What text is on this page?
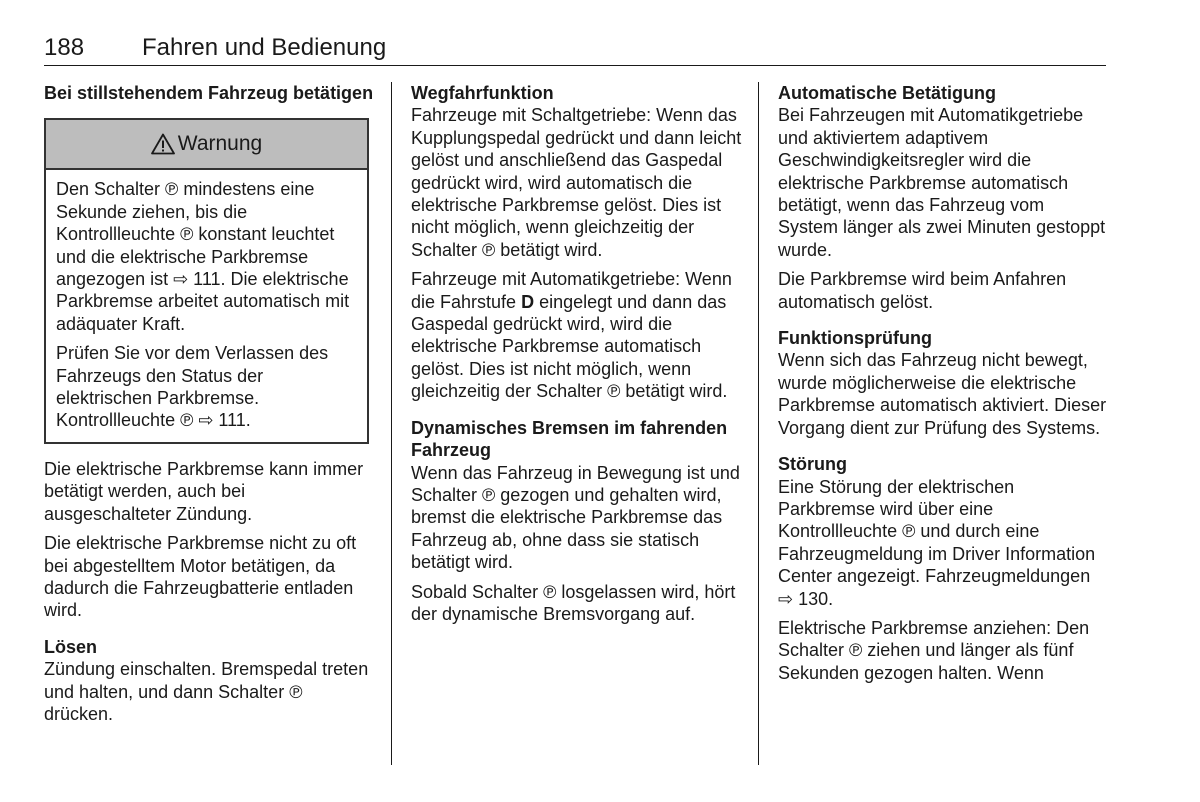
188 Fahren und Bedienung
Bei stillstehendem Fahrzeug betätigen
Warnung

Den Schalter ℗ mindestens eine Sekunde ziehen, bis die Kontrollleuchte ℗ konstant leuchtet und die elektrische Parkbremse angezogen ist ⇨ 111. Die elektrische Parkbremse arbeitet automatisch mit adäquater Kraft.

Prüfen Sie vor dem Verlassen des Fahrzeugs den Status der elektrischen Parkbremse. Kontrollleuchte ℗ ⇨ 111.

Die elektrische Parkbremse kann immer betätigt werden, auch bei ausgeschalteter Zündung.

Die elektrische Parkbremse nicht zu oft bei abgestelltem Motor betätigen, da dadurch die Fahrzeugbatterie entladen wird.

Lösen

Zündung einschalten. Bremspedal treten und halten, und dann Schalter ℗ drücken.

Wegfahrfunktion

Fahrzeuge mit Schaltgetriebe: Wenn das Kupplungspedal gedrückt und dann leicht gelöst und anschließend das Gaspedal gedrückt wird, wird automatisch die elektrische Parkbremse gelöst. Dies ist nicht möglich, wenn gleichzeitig der Schalter ℗ betätigt wird.

Fahrzeuge mit Automatikgetriebe: Wenn die Fahrstufe D eingelegt und dann das Gaspedal gedrückt wird, wird die elektrische Parkbremse automatisch gelöst. Dies ist nicht möglich, wenn gleichzeitig der Schalter ℗ betätigt wird.

Dynamisches Bremsen im fahrenden Fahrzeug

Wenn das Fahrzeug in Bewegung ist und Schalter ℗ gezogen und gehalten wird, bremst die elektrische Parkbremse das Fahrzeug ab, ohne dass sie statisch betätigt wird.

Sobald Schalter ℗ losgelassen wird, hört der dynamische Bremsvorgang auf.

Automatische Betätigung

Bei Fahrzeugen mit Automatikgetriebe und aktiviertem adaptivem Geschwindigkeitsregler wird die elektrische Parkbremse automatisch betätigt, wenn das Fahrzeug vom System länger als zwei Minuten gestoppt wurde.

Die Parkbremse wird beim Anfahren automatisch gelöst.

Funktionsprüfung

Wenn sich das Fahrzeug nicht bewegt, wurde möglicherweise die elektrische Parkbremse automatisch aktiviert. Dieser Vorgang dient zur Prüfung des Systems.

Störung

Eine Störung der elektrischen Parkbremse wird über eine Kontrollleuchte ℗ und durch eine Fahrzeugmeldung im Driver Information Center angezeigt. Fahrzeugmeldungen ⇨ 130.

Elektrische Parkbremse anziehen: Den Schalter ℗ ziehen und länger als fünf Sekunden gezogen halten. Wenn
